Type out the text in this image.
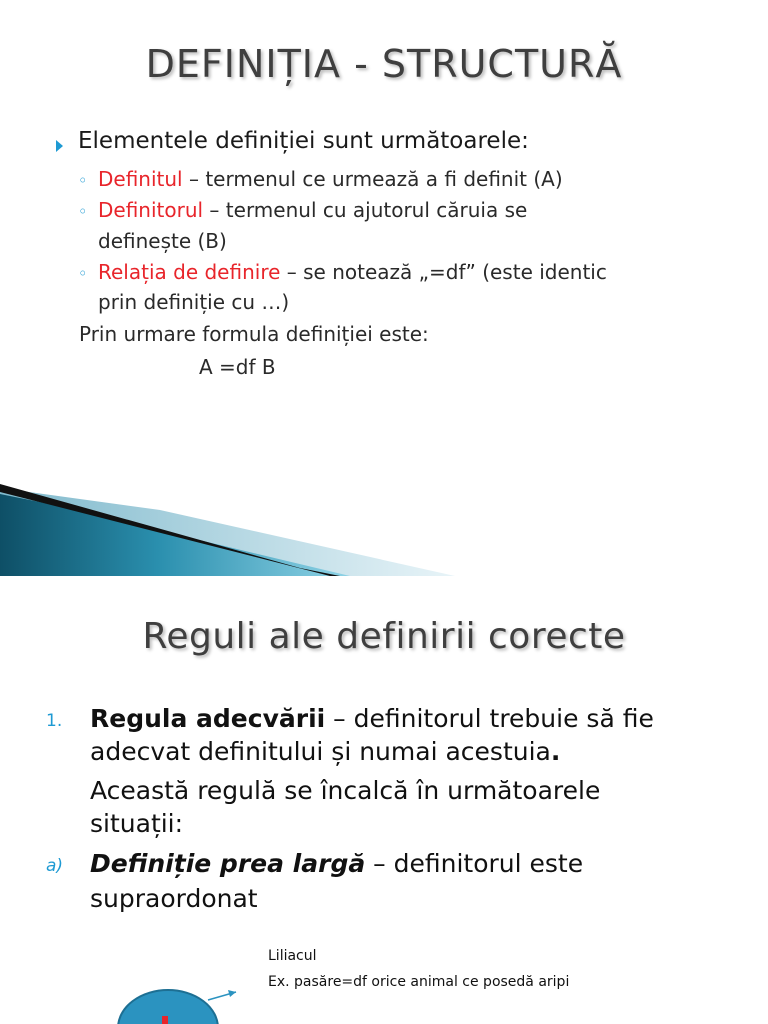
DEFINIȚIA - STRUCTURĂ
Elementele definiției sunt următoarele:
◦ Definitul – termenul ce urmează a fi definit (A)
◦ Definitorul – termenul cu ajutorul căruia se
definește (B)
◦ Relația de definire – se notează „=df” (este identic
prin definiție cu …)
Prin urmare formula definiției este:
A =df B
Reguli ale definirii corecte
1. Regula adecvării – definitorul trebuie să fie
adecvat definitului și numai acestuia.
Această regulă se încalcă în următoarele
situații:
a) Definiție prea largă – definitorul este
supraordonat
Liliacul
Ex. pasăre=df orice animal ce posedă aripi
